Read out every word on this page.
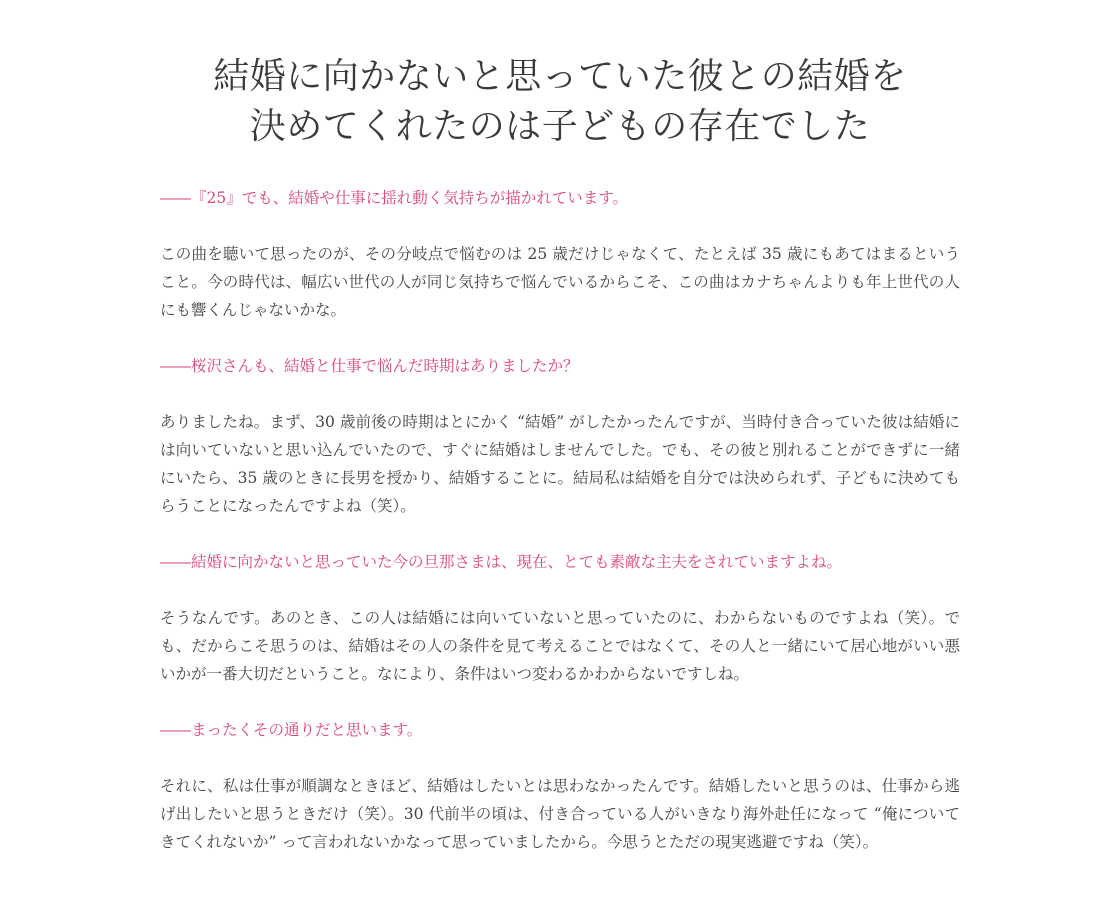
結婚に向かないと思っていた彼との結婚を
決めてくれたのは子どもの存在でした

――『25』でも、結婚や仕事に揺れ動く気持ちが描かれています。

この曲を聴いて思ったのが、その分岐点で悩むのは 25 歳だけじゃなくて、たとえば 35 歳にもあてはまるということ。今の時代は、幅広い世代の人が同じ気持ちで悩んでいるからこそ、この曲はカナちゃんよりも年上世代の人にも響くんじゃないかな。

――桜沢さんも、結婚と仕事で悩んだ時期はありましたか？

ありましたね。まず、30 歳前後の時期はとにかく “結婚” がしたかったんですが、当時付き合っていた彼は結婚には向いていないと思い込んでいたので、すぐに結婚はしませんでした。でも、その彼と別れることができずに一緒にいたら、35 歳のときに長男を授かり、結婚することに。結局私は結婚を自分では決められず、子どもに決めてもらうことになったんですよね（笑）。

――結婚に向かないと思っていた今の旦那さまは、現在、とても素敵な主夫をされていますよね。

そうなんです。あのとき、この人は結婚には向いていないと思っていたのに、わからないものですよね（笑）。でも、だからこそ思うのは、結婚はその人の条件を見て考えることではなくて、その人と一緒にいて居心地がいい悪いかが一番大切だということ。なにより、条件はいつ変わるかわからないですしね。

――まったくその通りだと思います。

それに、私は仕事が順調なときほど、結婚はしたいとは思わなかったんです。結婚したいと思うのは、仕事から逃げ出したいと思うときだけ（笑）。30 代前半の頃は、付き合っている人がいきなり海外赴任になって “俺についてきてくれないか” って言われないかなって思っていましたから。今思うとただの現実逃避ですね（笑）。
